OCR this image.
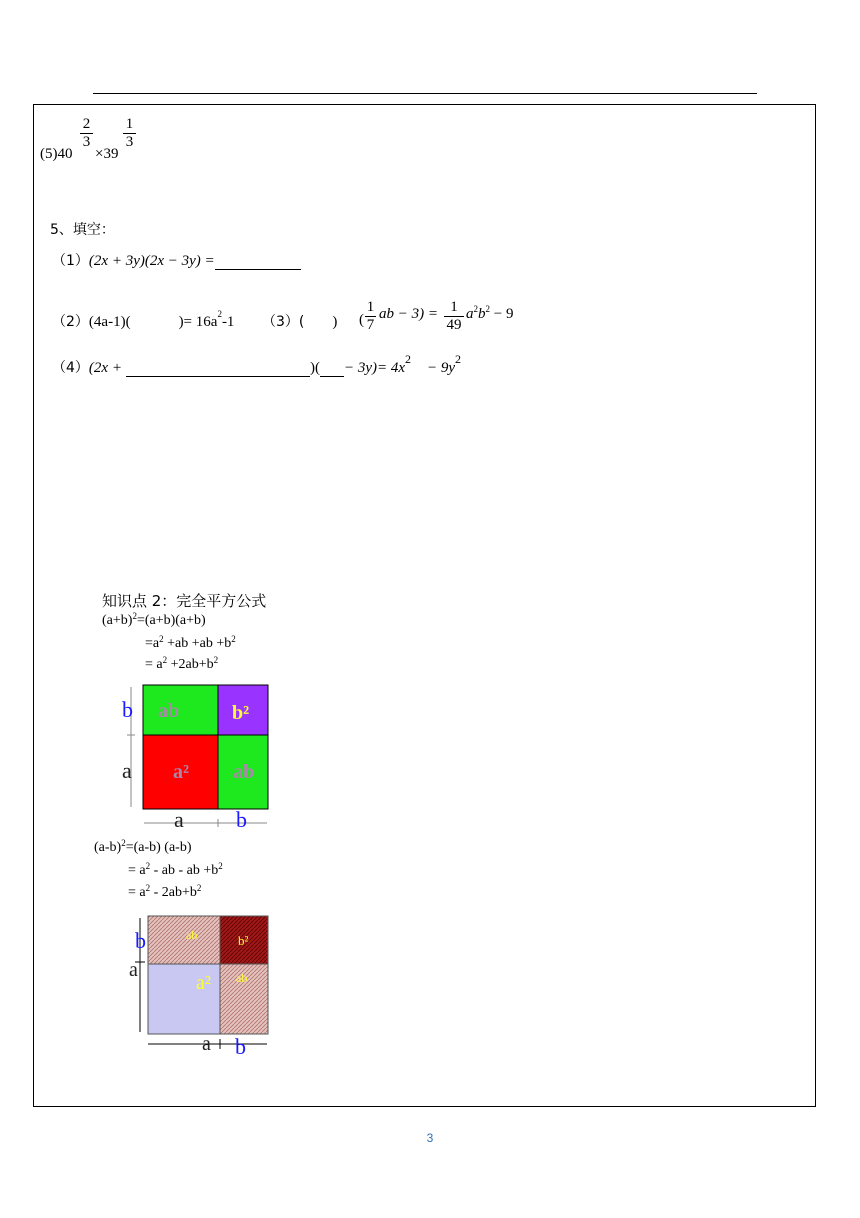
(5)40
2
3
×39
1
3
5、填空：
（1）(2x + 3y)(2x − 3y) =
（2）(4a-1)(	)= $16a^2-1$ （3）( ) (
1
7
ab − 3) = 1
49
$a^2b^2 - 9$
（4）(2x +	)( − $3y)= 4x^2- 9y^2$
知识点 2：完全平方公式
$(a+b)^2=(a+b)(a+b)$
$=a^2 +ab +ab +b^2$
= $a^2 +2ab+b^2$
ab	b²
a² ab
b
a
a b
$(a-b)^2=(a-b)$ (a-b)
= $a^2$ - ab - ab $+b^2$
= $a^2 - 2ab+b^2$
ab	b²
a² ab
b
a
a b
3
